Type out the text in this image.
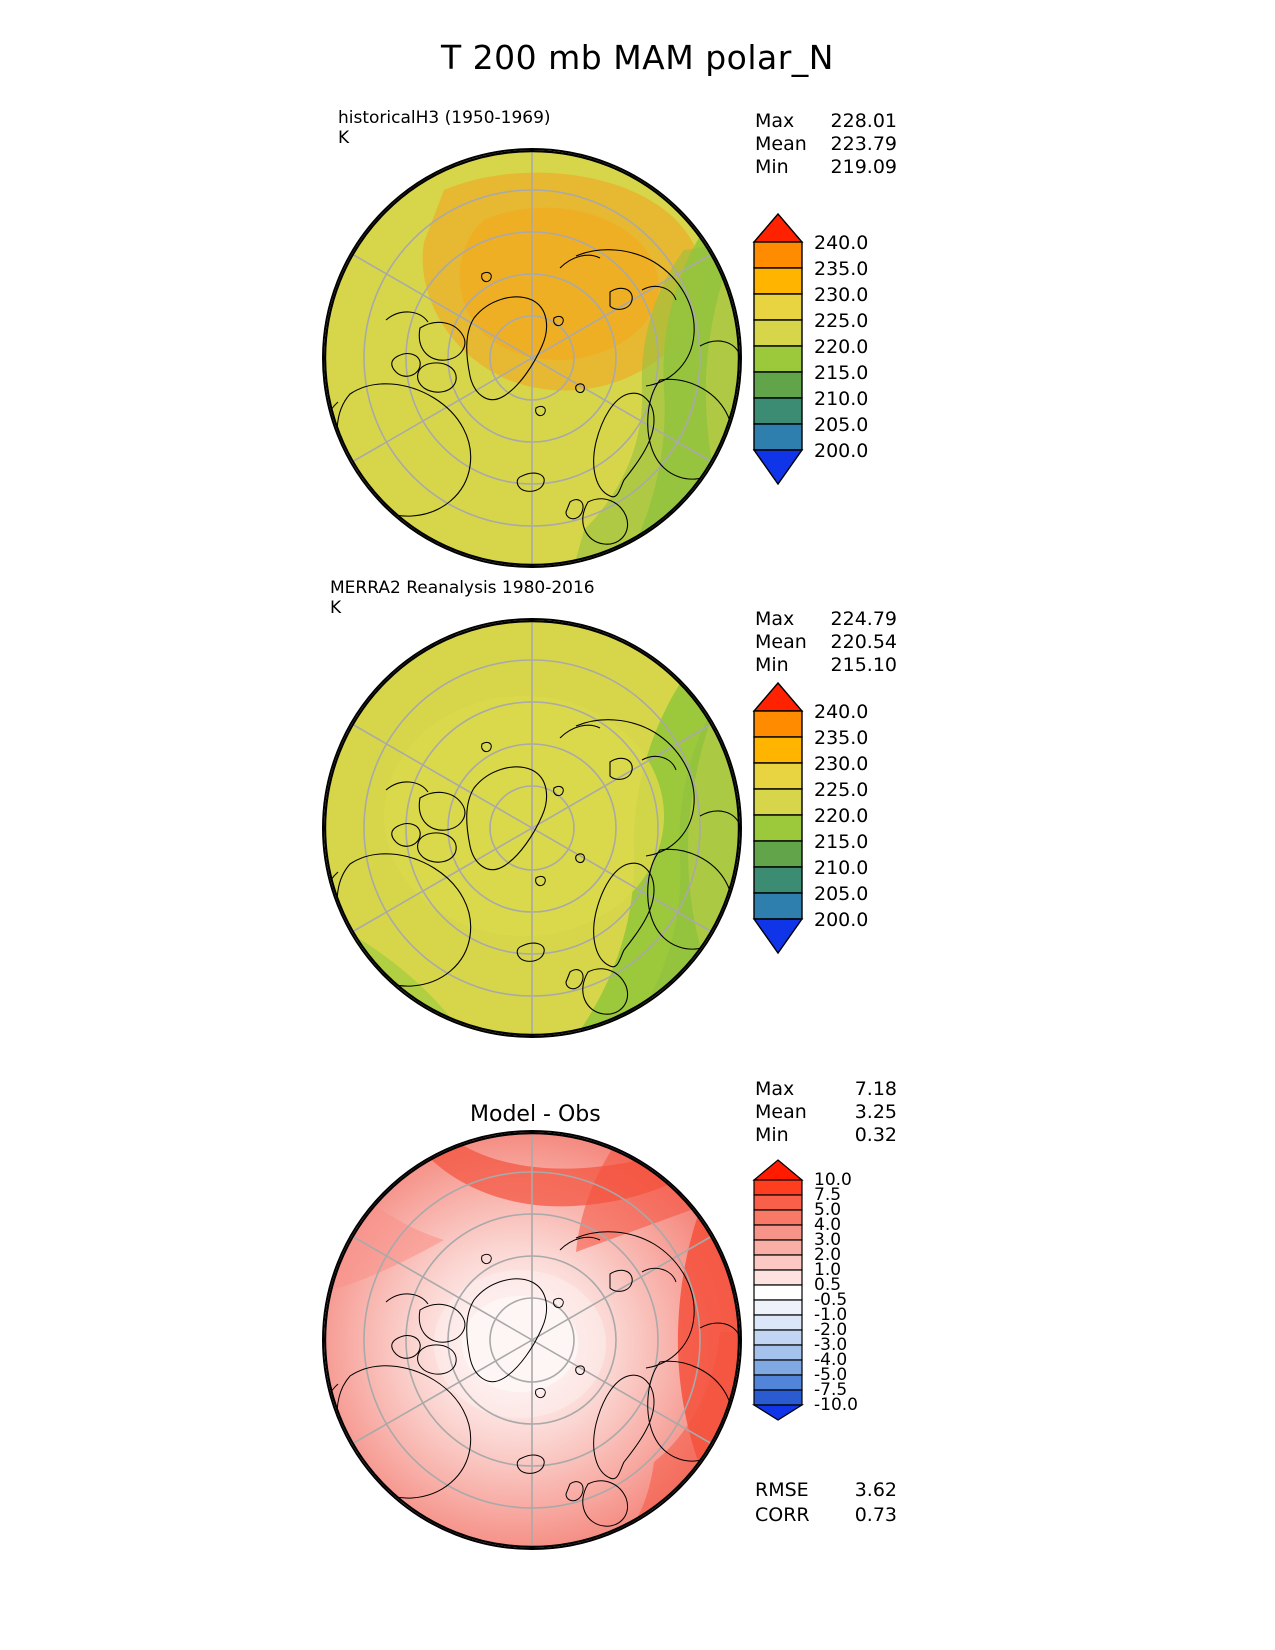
T 200 mb MAM polar_N
historicalH3 (1950-1969)
K
Max 228.01
Mean 223.79
Min 219.09
240.0
235.0
230.0
225.0
220.0
215.0
210.0
205.0
200.0
MERRA2 Reanalysis 1980-2016
K	Max 224.79
Mean 220.54
Min 215.10
240.0
235.0
230.0
225.0
220.0
215.0
210.0
205.0
200.0
Model - Obs
Max	7.18
Mean	3.25
Min	0.32
10.0
7.5
5.0
4.0
3.0
2.0
1.0
0.5
-0.5
-1.0
-2.0
-3.0
-4.0
-5.0
-7.5
-10.0
RMSE 3.62
CORR 0.73
